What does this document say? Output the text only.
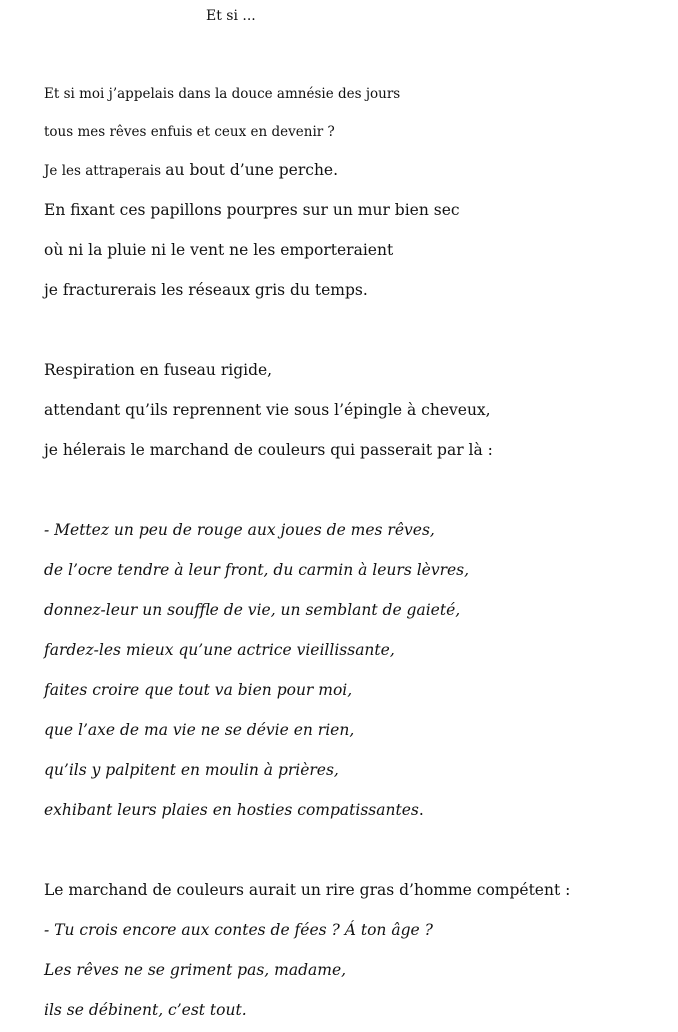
Et si ...
Et si moi j’appelais dans la douce amnésie des jours
tous mes rêves enfuis et ceux en devenir ?
Je les attraperais au bout d’une perche.
En fixant ces papillons pourpres sur un mur bien sec
où ni la pluie ni le vent ne les emporteraient
je fracturerais les réseaux gris du temps.
Respiration en fuseau rigide,
attendant qu’ils reprennent vie sous l’épingle à cheveux,
je hélerais le marchand de couleurs qui passerait par là :
- Mettez un peu de rouge aux joues de mes rêves,
de l’ocre tendre à leur front, du carmin à leurs lèvres,
donnez-leur un souffle de vie, un semblant de gaieté,
fardez-les mieux qu’une actrice vieillissante,
faites croire que tout va bien pour moi,
que l’axe de ma vie ne se dévie en rien,
qu’ils y palpitent en moulin à prières,
exhibant leurs plaies en hosties compatissantes.
Le marchand de couleurs aurait un rire gras d’homme compétent :
- Tu crois encore aux contes de fées ? Á ton âge ?
Les rêves ne se griment pas, madame,
ils se débinent, c’est tout.
